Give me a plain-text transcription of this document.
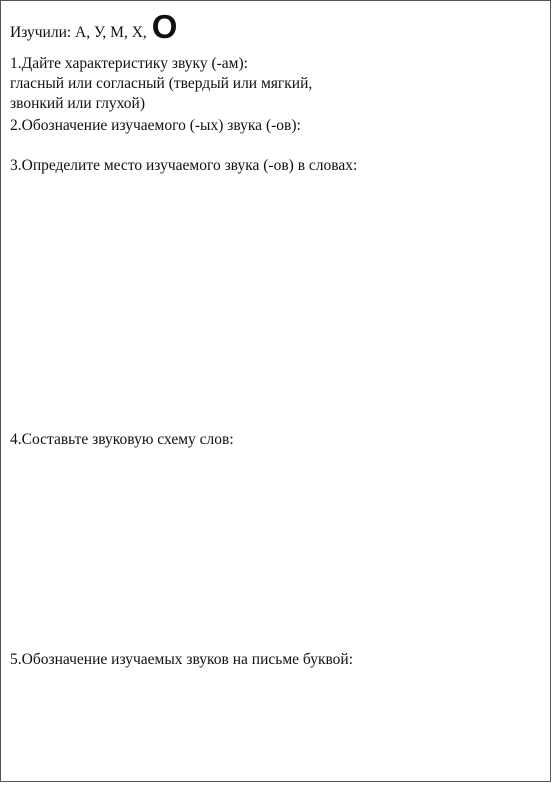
Изучили: А, У, М, Х, О
1.Дайте характеристику звуку (-ам):
гласный или согласный (твердый или мягкий,
звонкий или глухой)
2.Обозначение изучаемого (-ых) звука (-ов):
3.Определите место изучаемого звука (-ов) в словах:
4.Составьте звуковую схему слов:
5.Обозначение изучаемых звуков на письме буквой:
